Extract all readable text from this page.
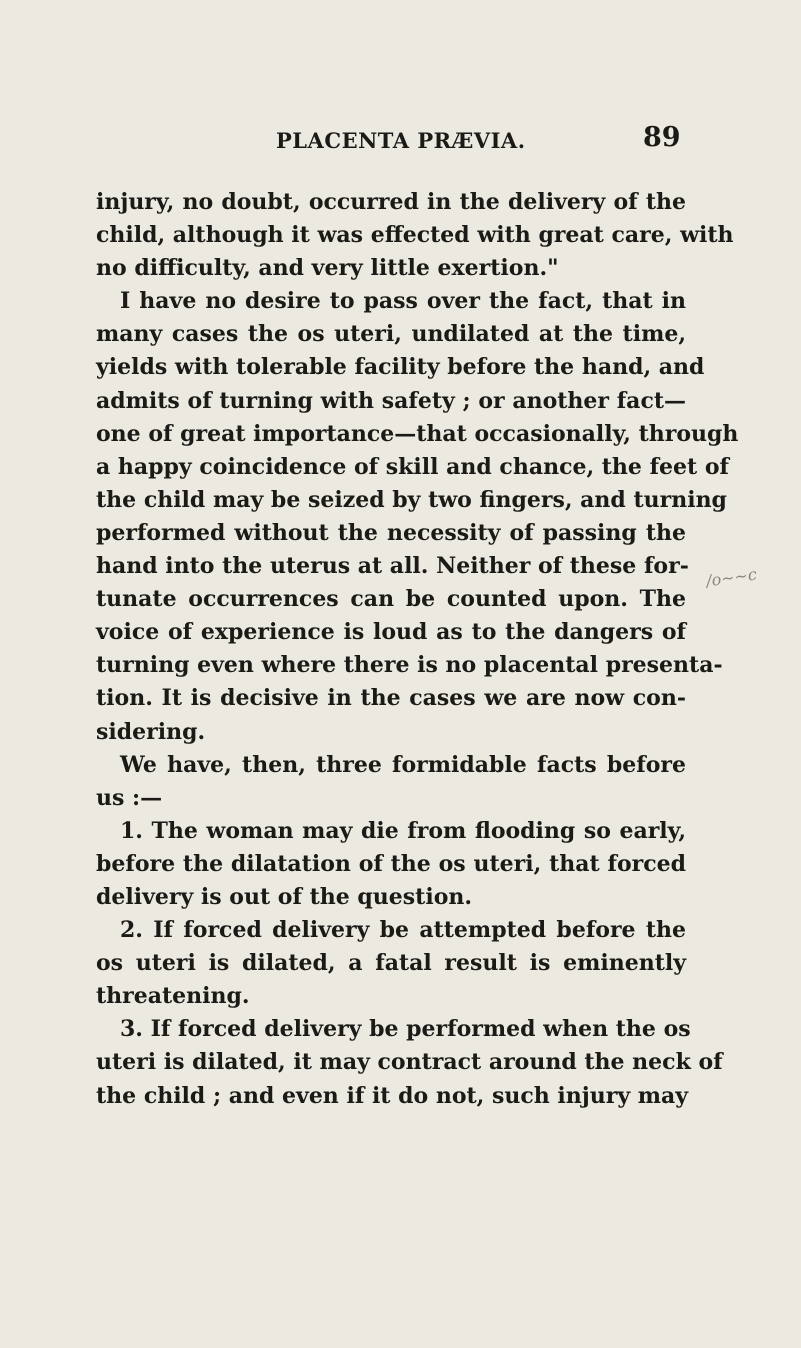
PLACENTA PRÆVIA.	89
injury, no doubt, occurred in the delivery of the
child, although it was effected with great care, with
no difficulty, and very little exertion."
I have no desire to pass over the fact, that in
many cases the os uteri, undilated at the time,
yields with tolerable facility before the hand, and
admits of turning with safety ; or another fact—
one of great importance—that occasionally, through
a happy coincidence of skill and chance, the feet of
the child may be seized by two fingers, and turning
performed without the necessity of passing the
hand into the uterus at all. Neither of these for-
tunate occurrences can be counted upon. The
voice of experience is loud as to the dangers of
turning even where there is no placental presenta-
tion. It is decisive in the cases we are now con-
sidering.
We have, then, three formidable facts before
us :—
1. The woman may die from flooding so early,
before the dilatation of the os uteri, that forced
delivery is out of the question.
2. If forced delivery be attempted before the
os uteri is dilated, a fatal result is eminently
threatening.
3. If forced delivery be performed when the os
uteri is dilated, it may contract around the neck of
the child ; and even if it do not, such injury may
/o~~c
